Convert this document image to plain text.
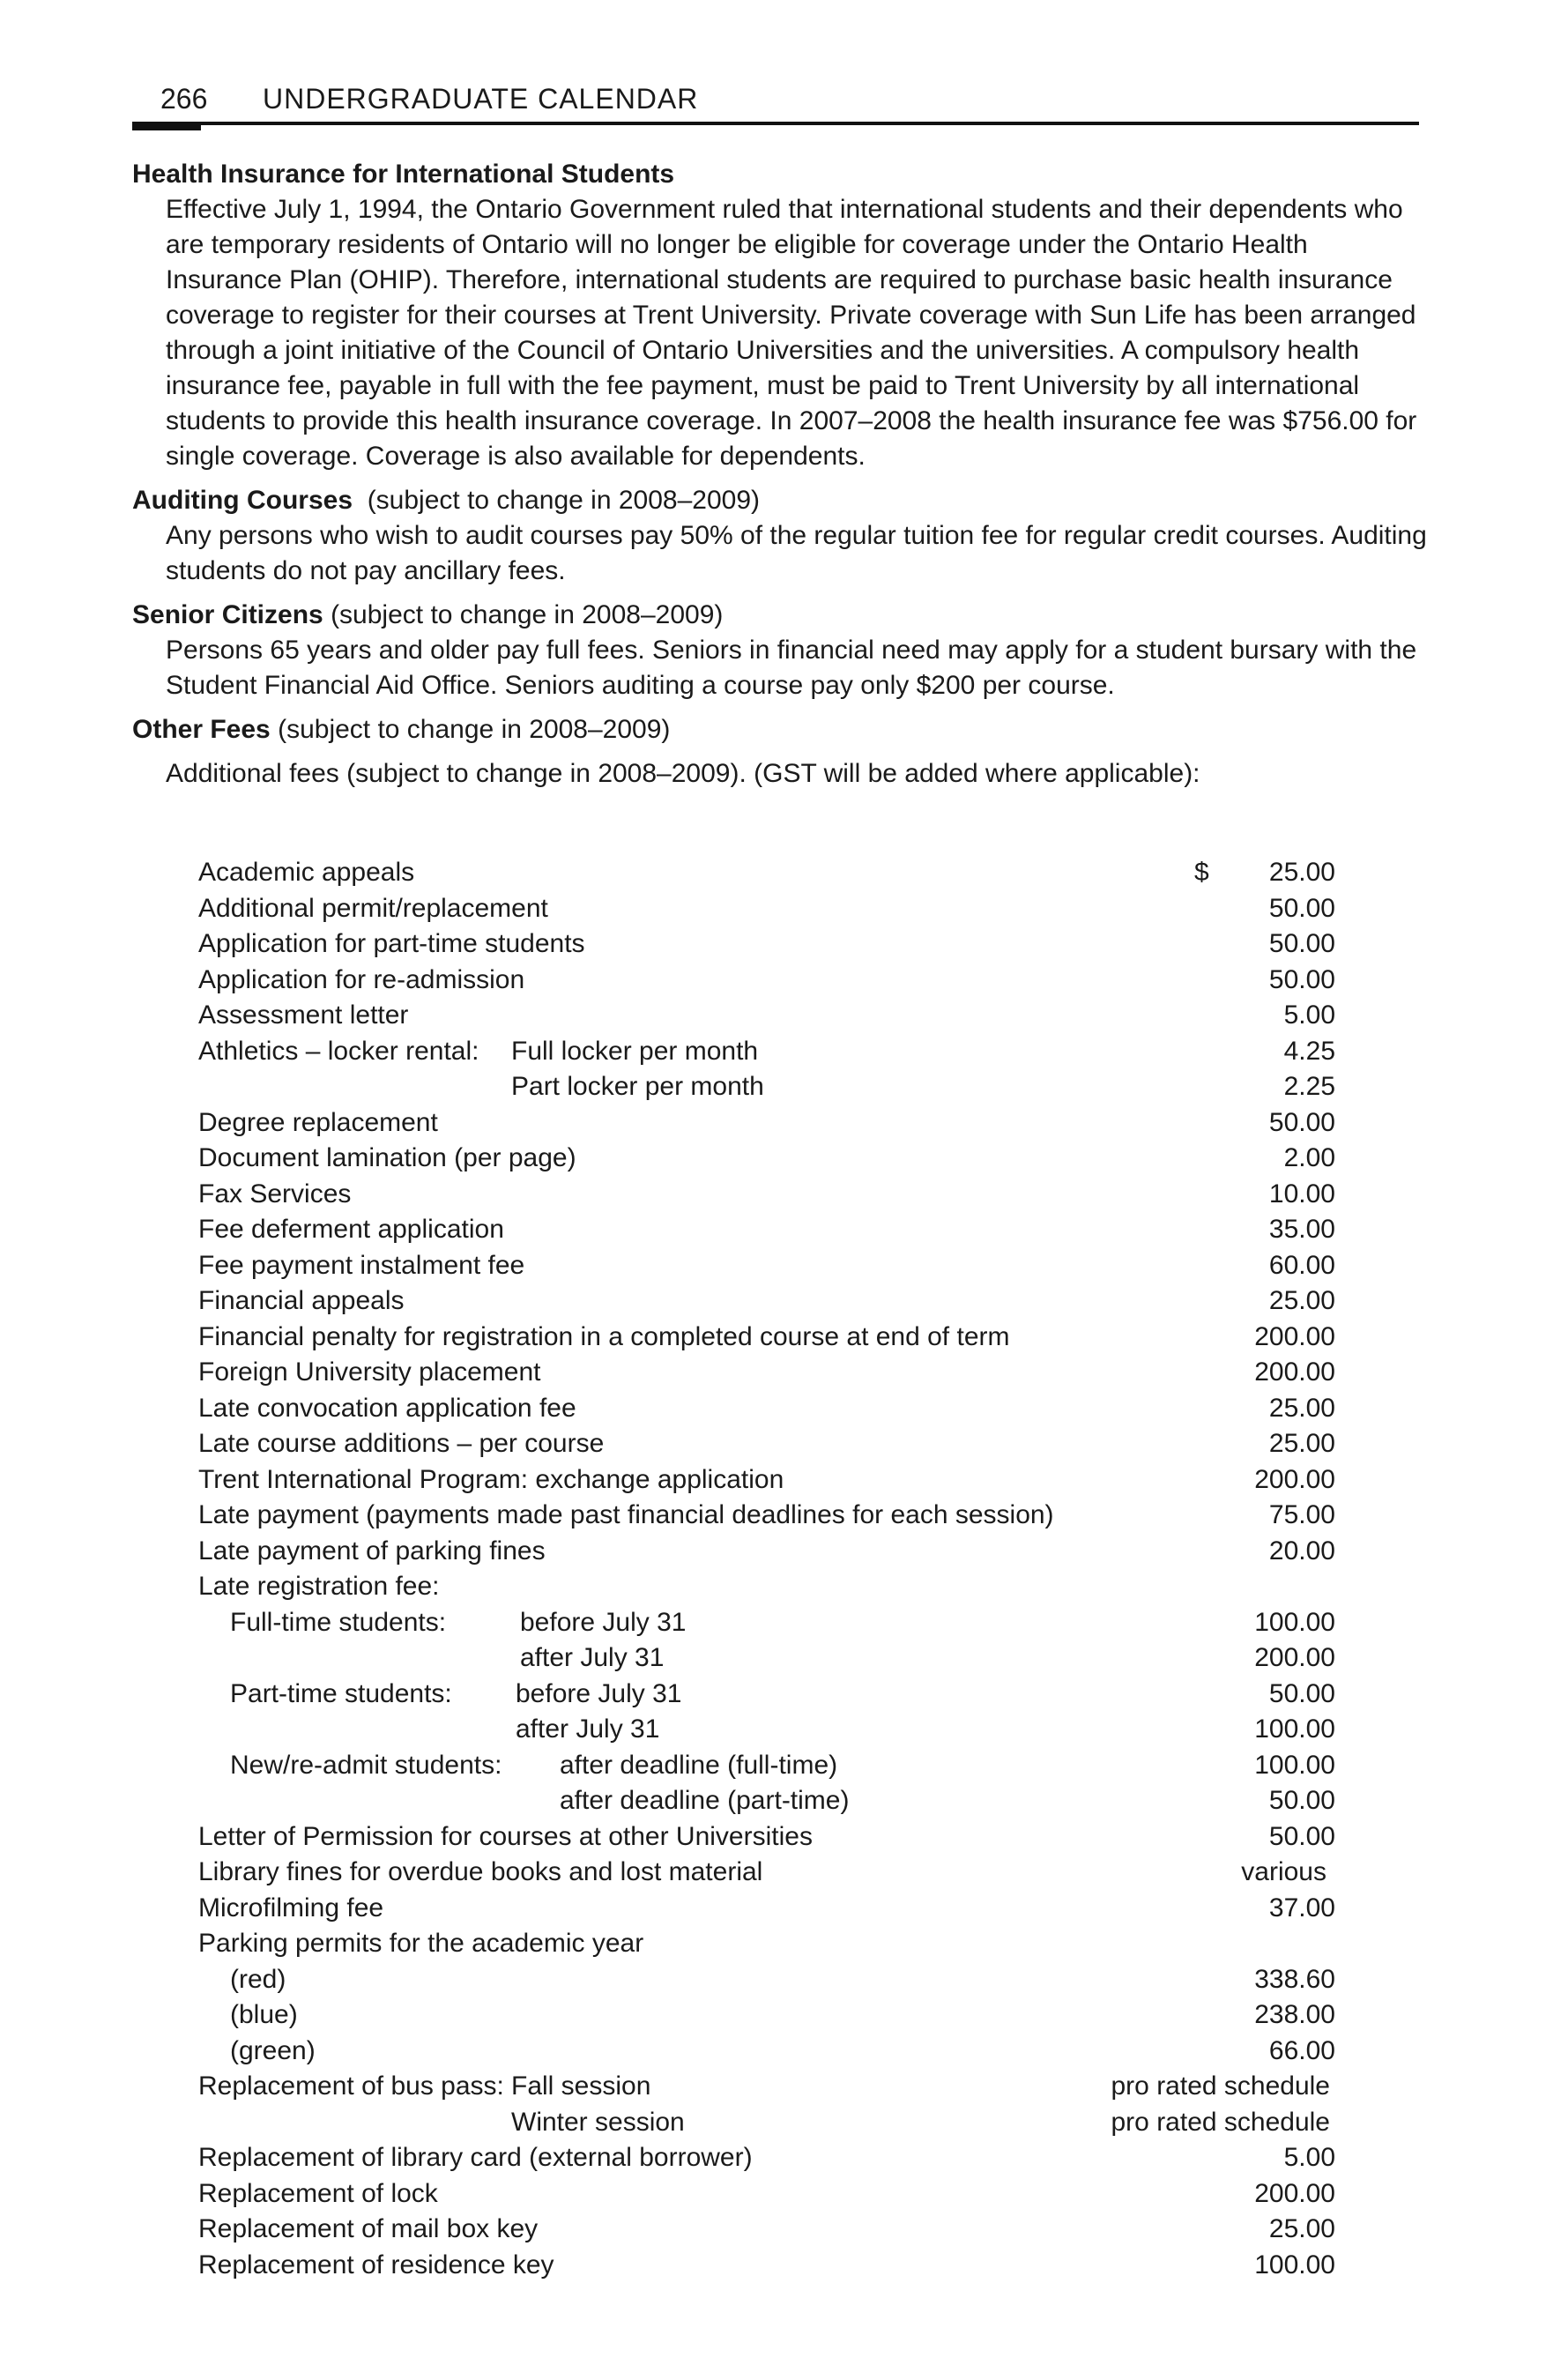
266 UNDERGRADUATE CALENDAR

Health Insurance for International Students

Effective July 1, 1994, the Ontario Government ruled that international students and their dependents who are temporary residents of Ontario will no longer be eligible for coverage under the Ontario Health Insurance Plan (OHIP). Therefore, international students are required to purchase basic health insurance coverage to register for their courses at Trent University. Private coverage with Sun Life has been arranged through a joint initiative of the Council of Ontario Universities and the universities. A compulsory health insurance fee, payable in full with the fee payment, must be paid to Trent University by all international students to provide this health insurance coverage. In 2007–2008 the health insurance fee was $756.00 for single coverage. Coverage is also available for dependents.

Auditing Courses (subject to change in 2008–2009)

Any persons who wish to audit courses pay 50% of the regular tuition fee for regular credit courses. Auditing students do not pay ancillary fees.

Senior Citizens (subject to change in 2008–2009)

Persons 65 years and older pay full fees. Seniors in financial need may apply for a student bursary with the Student Financial Aid Office. Seniors auditing a course pay only $200 per course.

Other Fees (subject to change in 2008–2009)

Additional fees (subject to change in 2008–2009). (GST will be added where applicable):

Academic appeals	$ 25.00
Additional permit/replacement	50.00
Application for part-time students	50.00
Application for re-admission	50.00
Assessment letter	5.00
Athletics – locker rental: Full locker per month	4.25
Part locker per month	2.25
Degree replacement	50.00
Document lamination (per page)	2.00
Fax Services	10.00
Fee deferment application	35.00
Fee payment instalment fee	60.00
Financial appeals	25.00
Financial penalty for registration in a completed course at end of term	200.00
Foreign University placement	200.00
Late convocation application fee	25.00
Late course additions – per course	25.00
Trent International Program: exchange application	200.00
Late payment (payments made past financial deadlines for each session)	75.00
Late payment of parking fines	20.00
Late registration fee:
Full-time students:	before July 31	100.00
after July 31	200.00
Part-time students: before July 31	50.00
after July 31	100.00
New/re-admit students: after deadline (full-time)	100.00
after deadline (part-time)	50.00
Letter of Permission for courses at other Universities	50.00
Library fines for overdue books and lost material	various
Microfilming fee	37.00
Parking permits for the academic year
(red)	338.60
(blue)	238.00
(green)	66.00
Replacement of bus pass: Fall session	pro rated schedule
Winter session	pro rated schedule
Replacement of library card (external borrower)	5.00
Replacement of lock	200.00
Replacement of mail box key	25.00
Replacement of residence key	100.00
